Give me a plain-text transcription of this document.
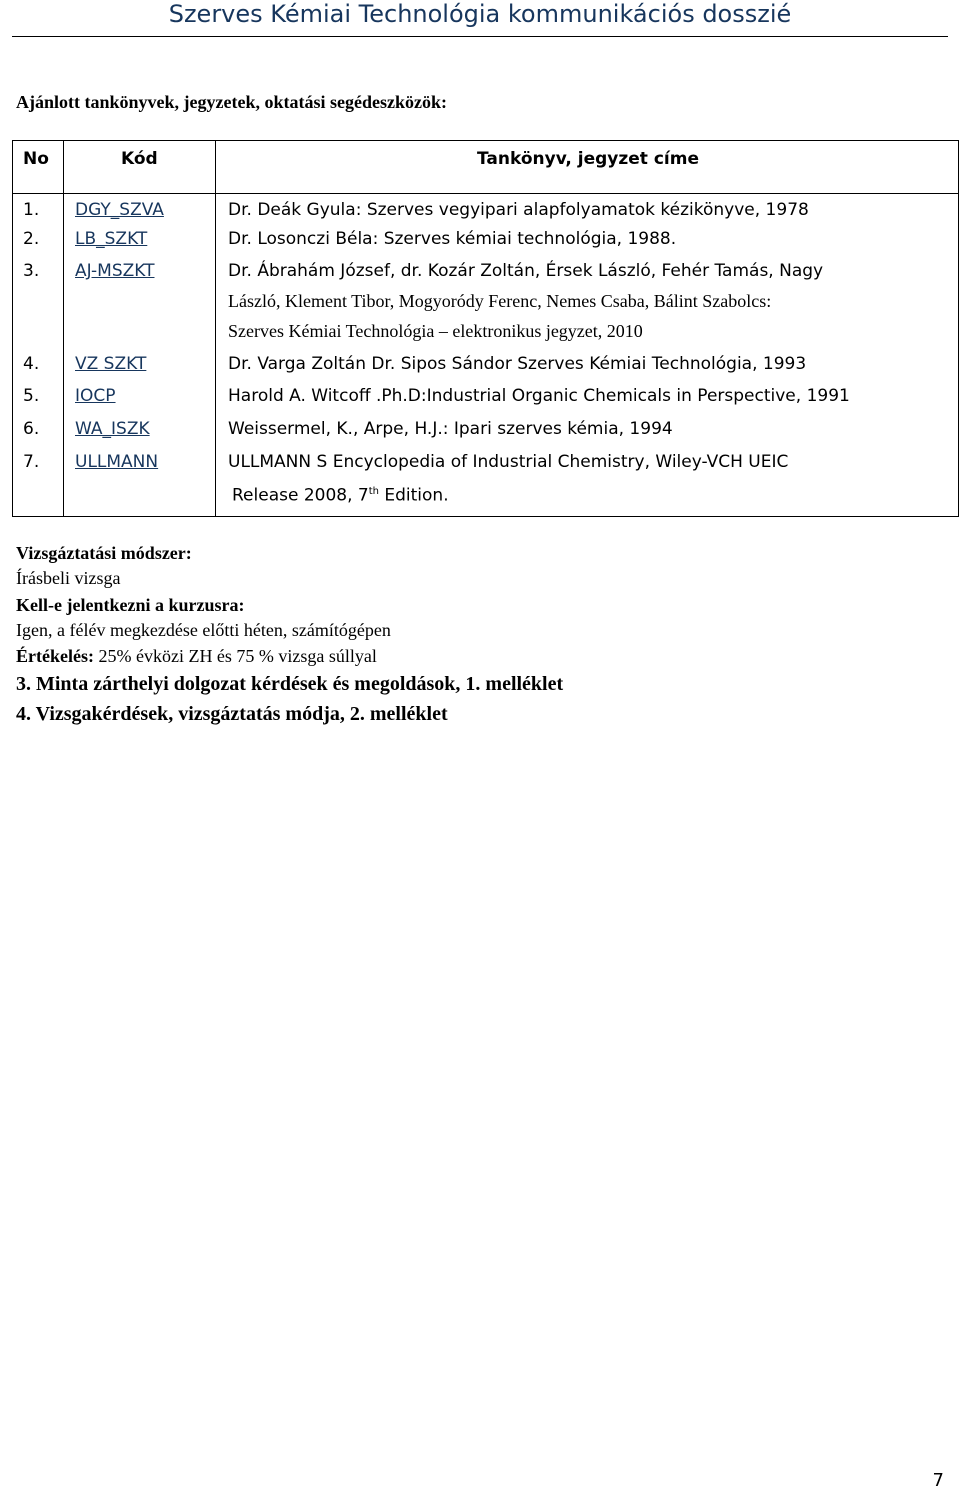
Szerves Kémiai Technológia kommunikációs dosszié
Ajánlott tankönyvek, jegyzetek, oktatási segédeszközök:
No	Kód	Tankönyv, jegyzet címe
1.	DGY_SZVA	Dr. Deák Gyula: Szerves vegyipari alapfolyamatok kézikönyve, 1978
2.	LB_SZKT	Dr. Losonczi Béla: Szerves kémiai technológia, 1988.
3.	AJ-MSZKT	Dr. Ábrahám József, dr. Kozár Zoltán, Érsek László, Fehér Tamás, Nagy
László, Klement Tibor, Mogyoródy Ferenc, Nemes Csaba, Bálint Szabolcs:
Szerves Kémiai Technológia – elektronikus jegyzet, 2010
4.	VZ SZKT	Dr. Varga Zoltán Dr. Sipos Sándor Szerves Kémiai Technológia, 1993
5.	IOCP	Harold A. Witcoff .Ph.D:Industrial Organic Chemicals in Perspective, 1991
6.	WA_ISZK	Weissermel, K., Arpe, H.J.: Ipari szerves kémia, 1994
7.	ULLMANN	ULLMANN S Encyclopedia of Industrial Chemistry, Wiley-VCH UEIC
Release 2008, 7th Edition.
Vizsgáztatási módszer:
Írásbeli vizsga
Kell-e jelentkezni a kurzusra:
Igen, a félév megkezdése előtti héten, számítógépen
Értékelés: 25% évközi ZH és 75 % vizsga súllyal
3. Minta zárthelyi dolgozat kérdések és megoldások, 1. melléklet
4. Vizsgakérdések, vizsgáztatás módja, 2. melléklet
7
